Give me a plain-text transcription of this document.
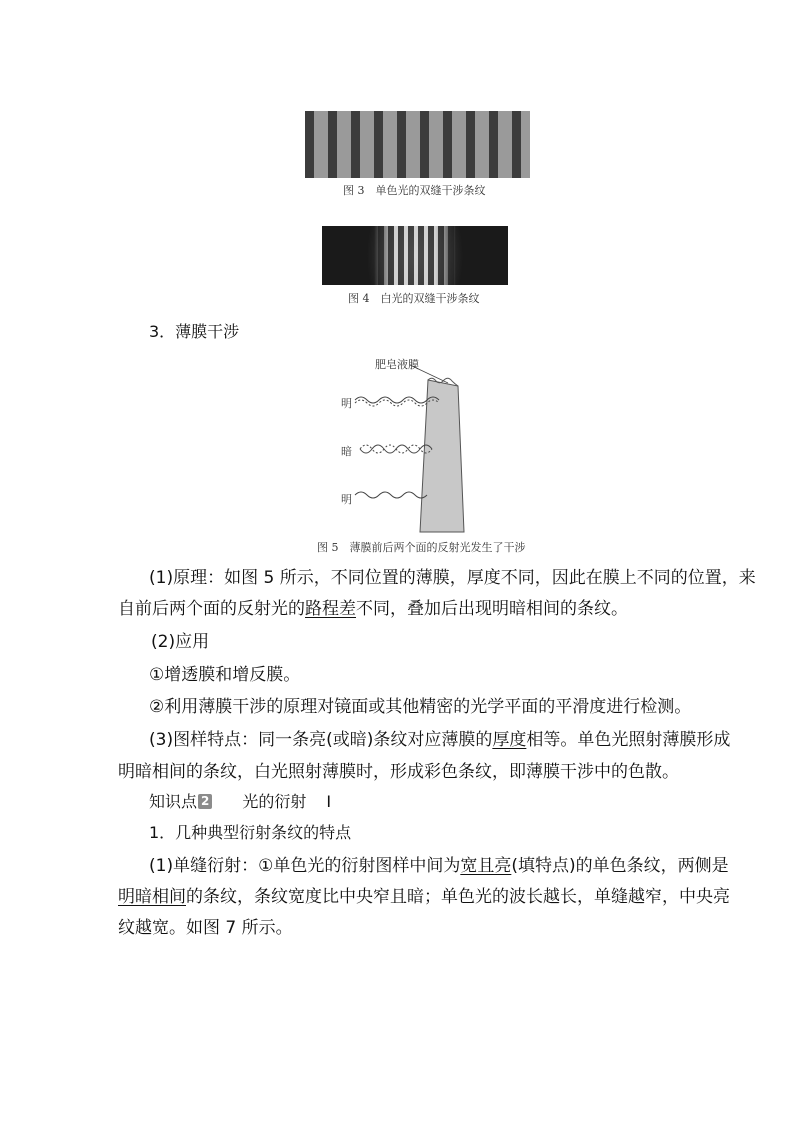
图 3　单色光的双缝干涉条纹
图 4　白光的双缝干涉条纹
3．薄膜干涉
肥皂液膜
明
暗
明
图 5　薄膜前后两个面的反射光发生了干涉
(1)原理：如图 5 所示，不同位置的薄膜，厚度不同，因此在膜上不同的位置，来
自前后两个面的反射光的路程差不同，叠加后出现明暗相间的条纹。
(2)应用
①增透膜和增反膜。
②利用薄膜干涉的原理对镜面或其他精密的光学平面的平滑度进行检测。
(3)图样特点：同一条亮(或暗)条纹对应薄膜的厚度相等。单色光照射薄膜形成
明暗相间的条纹，白光照射薄膜时，形成彩色条纹，即薄膜干涉中的色散。
知识点 2 光的衍射 Ⅰ
1．几种典型衍射条纹的特点
(1)单缝衍射：①单色光的衍射图样中间为宽且亮(填特点)的单色条纹，两侧是
明暗相间的条纹，条纹宽度比中央窄且暗；单色光的波长越长，单缝越窄，中央亮
纹越宽。如图 7 所示。
